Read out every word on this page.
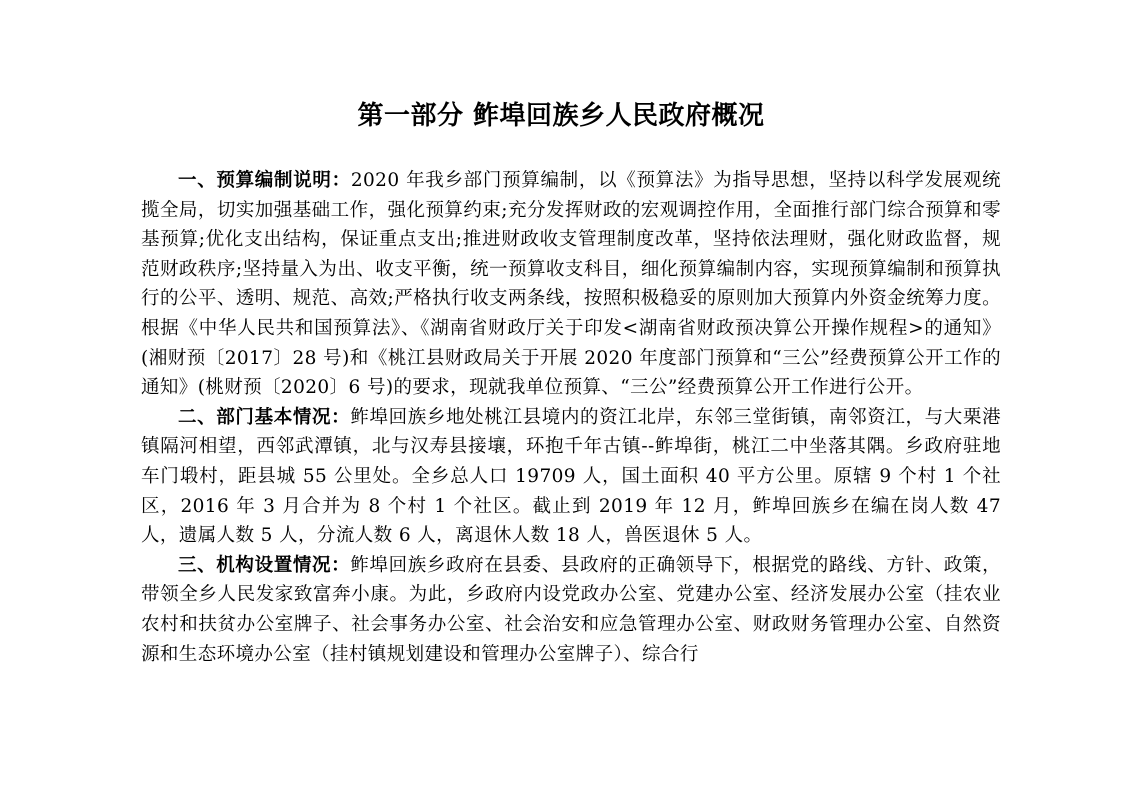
第一部分 鲊埠回族乡人民政府概况

一、预算编制说明：2020 年我乡部门预算编制，以《预算法》为指导思想，坚持以科学发展观统揽全局，切实加强基础工作，强化预算约束;充分发挥财政的宏观调控作用，全面推行部门综合预算和零基预算;优化支出结构，保证重点支出;推进财政收支管理制度改革，坚持依法理财，强化财政监督，规范财政秩序;坚持量入为出、收支平衡，统一预算收支科目，细化预算编制内容，实现预算编制和预算执行的公平、透明、规范、高效;严格执行收支两条线，按照积极稳妥的原则加大预算内外资金统筹力度。根据《中华人民共和国预算法》、《湖南省财政厅关于印发<湖南省财政预决算公开操作规程>的通知》(湘财预〔2017〕28 号)和《桃江县财政局关于开展 2020 年度部门预算和“三公”经费预算公开工作的通知》(桃财预〔2020〕6 号)的要求，现就我单位预算、“三公”经费预算公开工作进行公开。

二、部门基本情况：鲊埠回族乡地处桃江县境内的资江北岸，东邻三堂街镇，南邻资江，与大栗港镇隔河相望，西邻武潭镇，北与汉寿县接壤，环抱千年古镇--鲊埠街，桃江二中坐落其隅。乡政府驻地车门塅村，距县城 55 公里处。全乡总人口 19709 人，国土面积 40 平方公里。原辖 9 个村 1 个社区，2016 年 3 月合并为 8 个村 1 个社区。截止到 2019 年 12 月，鲊埠回族乡在编在岗人数 47 人，遗属人数 5 人，分流人数 6 人，离退休人数 18 人，兽医退休 5 人。

三、机构设置情况：鲊埠回族乡政府在县委、县政府的正确领导下，根据党的路线、方针、政策，带领全乡人民发家致富奔小康。为此，乡政府内设党政办公室、党建办公室、经济发展办公室（挂农业农村和扶贫办公室牌子、社会事务办公室、社会治安和应急管理办公室、财政财务管理办公室、自然资源和生态环境办公室（挂村镇规划建设和管理办公室牌子）、综合行
